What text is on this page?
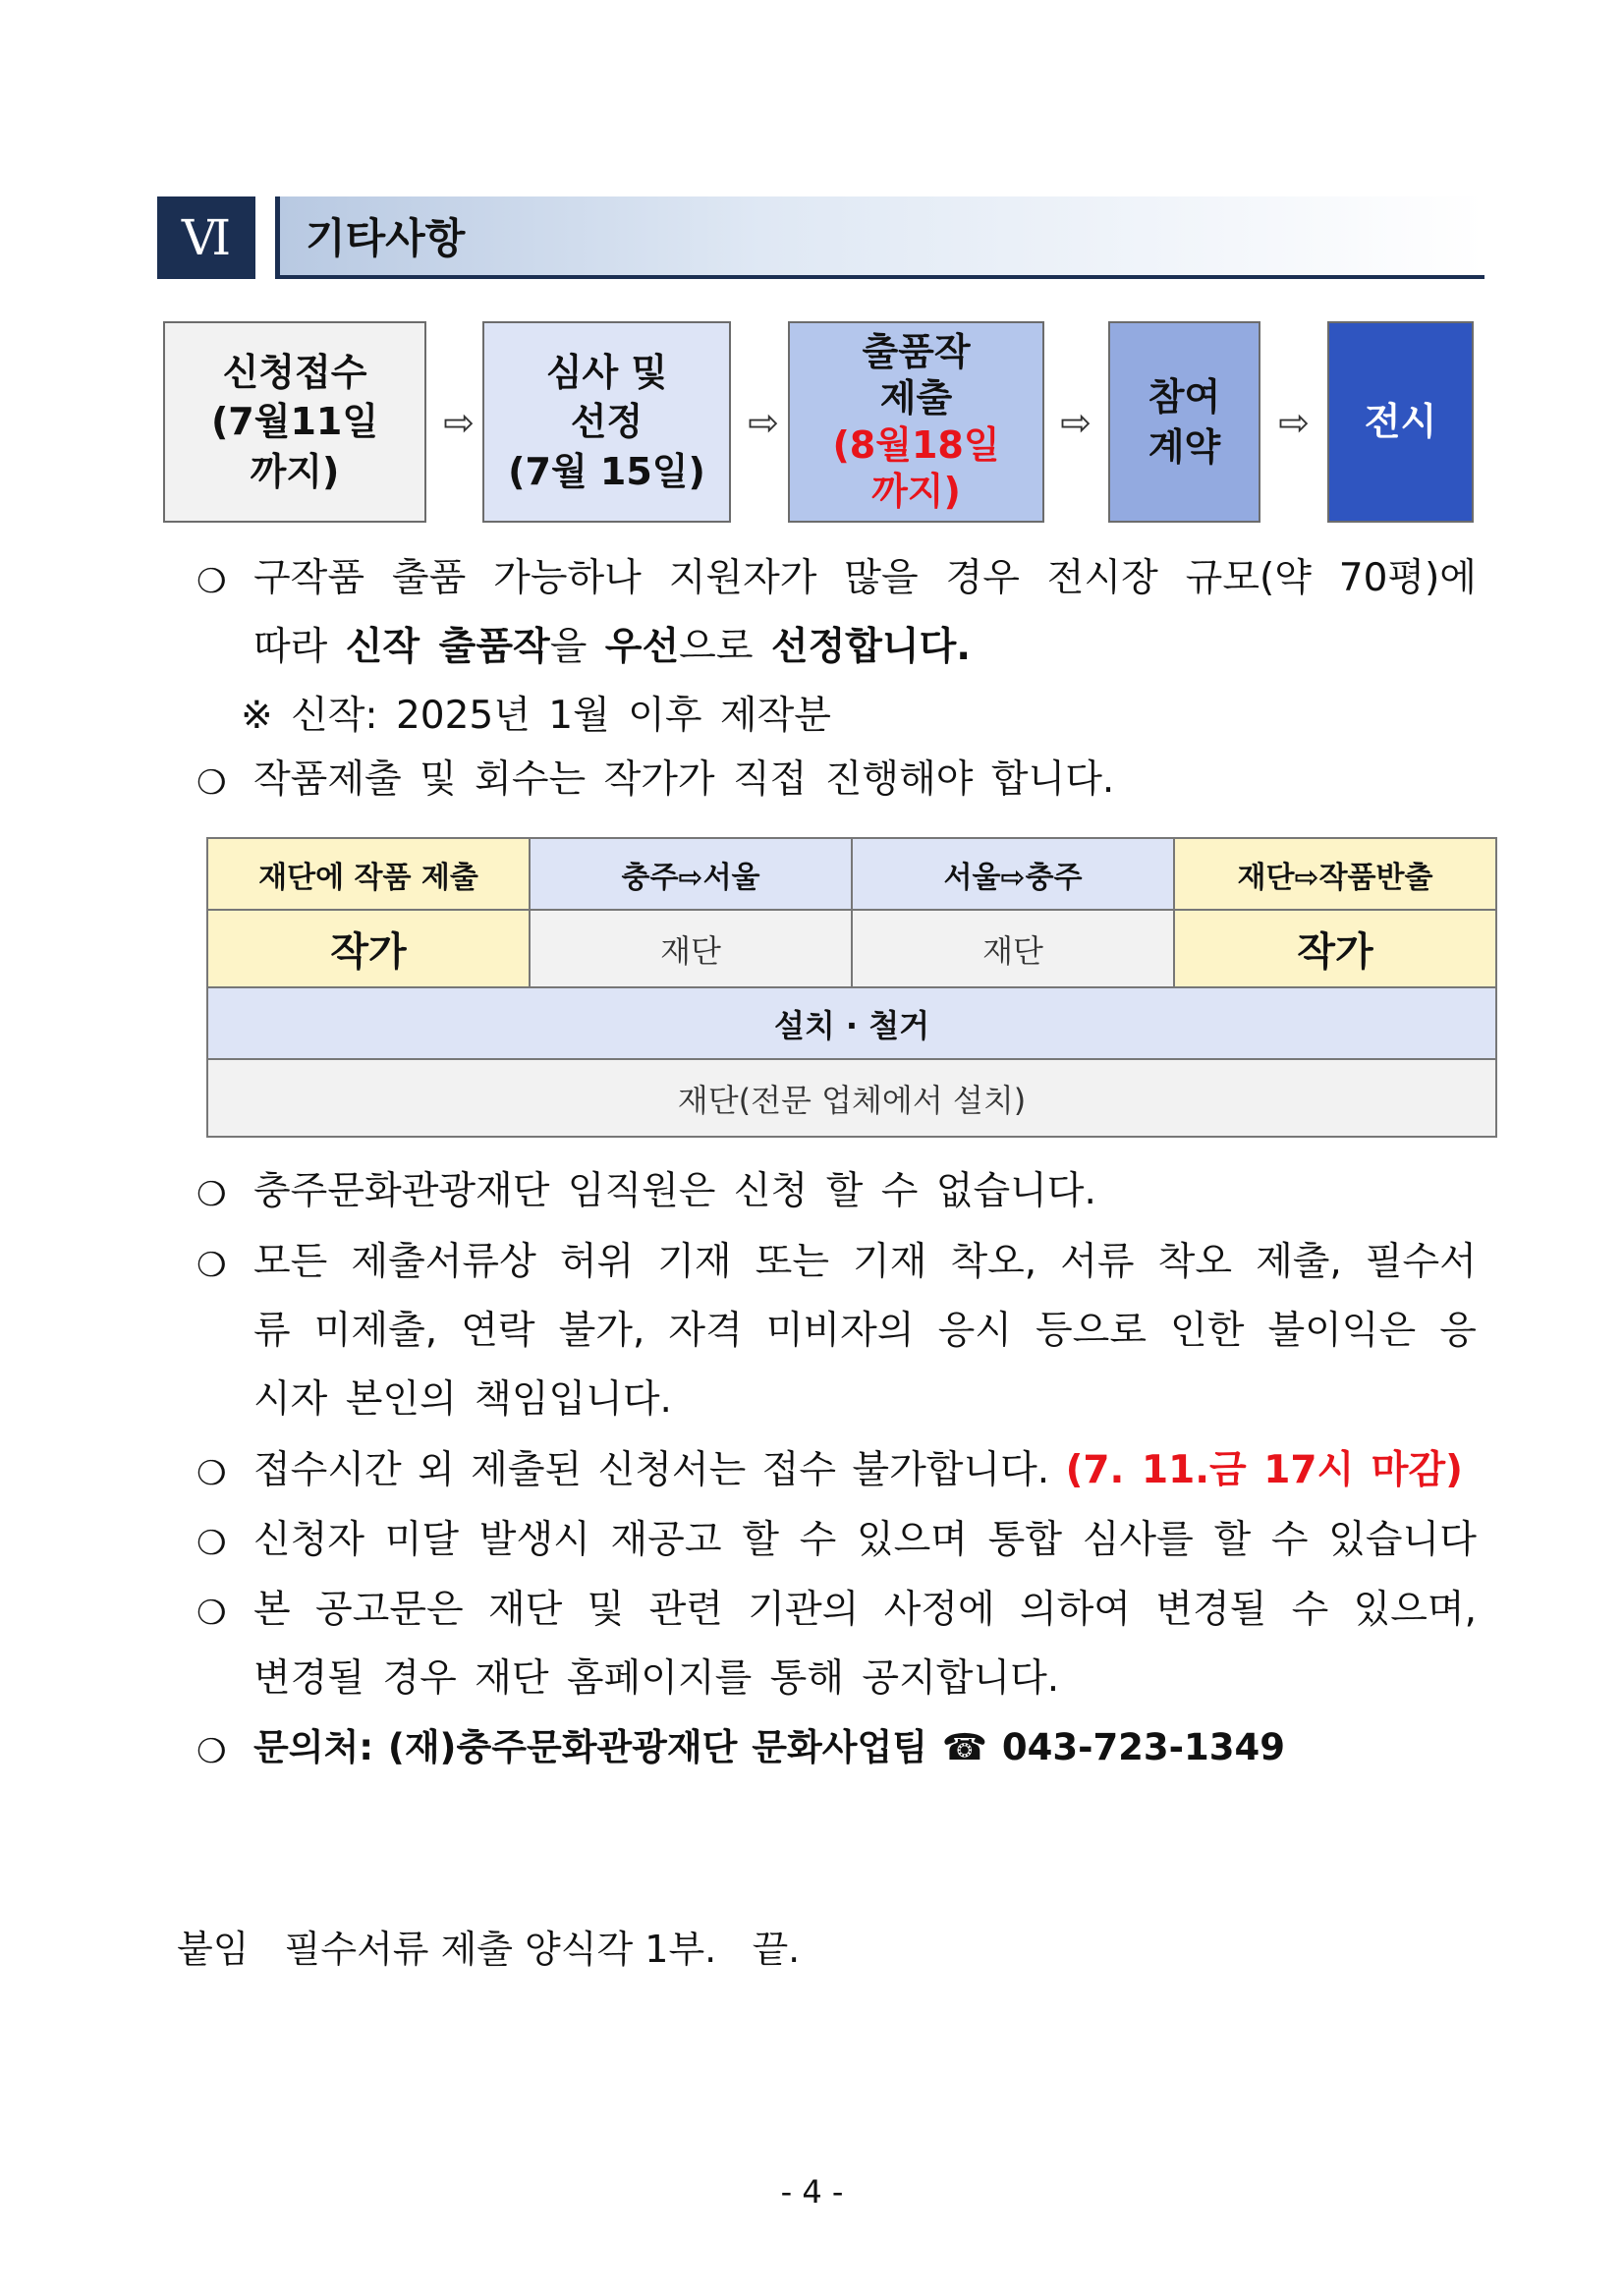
Ⅵ	기타사항
신청접수
(7월11일
까지)
⇨
심사 및
선정
(7월 15일)
⇨
출품작
제출
(8월18일
까지)
⇨
참여
계약
⇨ 전시
❍ 구작품 출품 가능하나 지원자가 많을 경우 전시장 규모(약 70평)에
따라 신작 출품작을 우선으로 선정합니다.
※ 신작: 2025년 1월 이후 제작분
❍ 작품제출 및 회수는 작가가 직접 진행해야 합니다.
재단에 작품 제출	충주⇨서울	서울⇨충주	재단⇨작품반출
작가	재단	재단	작가
설치 · 철거			
재단(전문 업체에서 설치)			
❍ 충주문화관광재단 임직원은 신청 할 수 없습니다.
❍ 모든 제출서류상 허위 기재 또는 기재 착오, 서류 착오 제출, 필수서
류 미제출, 연락 불가, 자격 미비자의 응시 등으로 인한 불이익은 응
시자 본인의 책임입니다.
❍ 접수시간 외 제출된 신청서는 접수 불가합니다. (7. 11.금 17시 마감)
❍ 신청자 미달 발생시 재공고 할 수 있으며 통합 심사를 할 수 있습니다
❍ 본 공고문은 재단 및 관련 기관의 사정에 의하여 변경될 수 있으며,
변경될 경우 재단 홈페이지를 통해 공지합니다.
❍ 문의처: (재)충주문화관광재단 문화사업팀 ☎ 043-723-1349
붙임   필수서류 제출 양식각 1부.   끝.
- 4 -
